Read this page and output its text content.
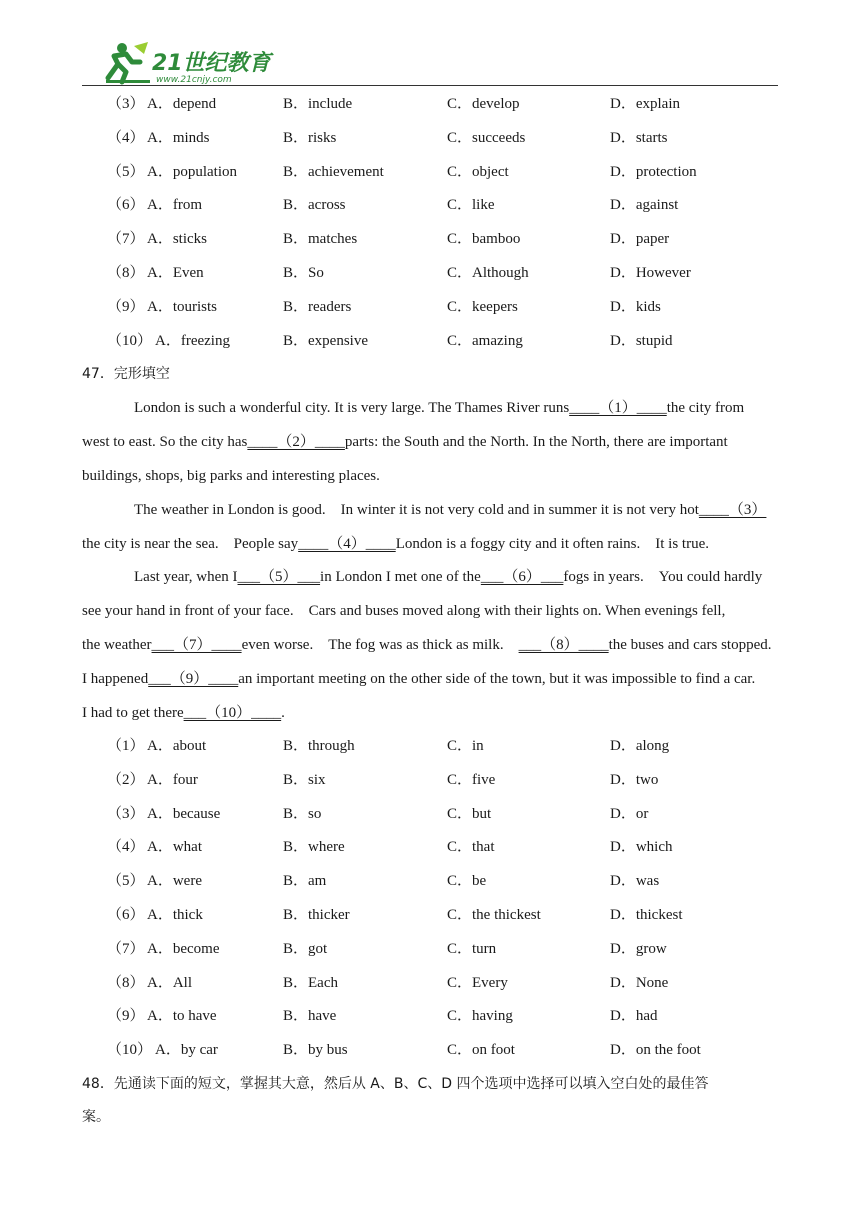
21世纪教育
www.21cnjy.com
（3） A．depend	B．include	C．develop	D．explain
（4） A．minds	B．risks	C．succeeds	D．starts
（5） A．population	B．achievement	C．object	D．protection
（6） A．from	B．across	C．like	D．against
（7） A．sticks	B．matches	C．bamboo	D．paper
（8） A．Even	B．So	C．Although	D．However
（9） A．tourists	B．readers	C．keepers	D．kids
（10） A．freezing	B．expensive	C．amazing	D．stupid
47．完形填空
London is such a wonderful city. It is very large. The Thames River runs____（1）____the city from
west to east. So the city has____（2）____parts: the South and the North. In the North, there are important
buildings, shops, big parks and interesting places.
The weather in London is good.　In winter it is not very cold and in summer it is not very hot____（3）
the city is near the sea.　People say____（4）____London is a foggy city and it often rains.　It is true.
Last year, when I___（5）___in London I met one of the___（6）___fogs in years.　You could hardly
see your hand in front of your face.　Cars and buses moved along with their lights on. When evenings fell,
the weather___（7）____even worse.　The fog was as thick as milk.　___（8）____the buses and cars stopped.
I happened___（9）____an important meeting on the other side of the town, but it was impossible to find a car.
I had to get there___（10）____.
（1） A．about	B．through	C．in	D．along
（2） A．four	B．six	C．five	D．two
（3） A．because	B．so	C．but	D．or
（4） A．what	B．where	C．that	D．which
（5） A．were	B．am	C．be	D．was
（6） A．thick	B．thicker	C．the thickest	D．thickest
（7） A．become	B．got	C．turn	D．grow
（8） A．All	B．Each	C．Every	D．None
（9） A．to have	B．have	C．having	D．had
（10） A．by car	B．by bus	C．on foot	D．on the foot
48．先通读下面的短文，掌握其大意，然后从 A、B、C、D 四个选项中选择可以填入空白处的最佳答
案。
